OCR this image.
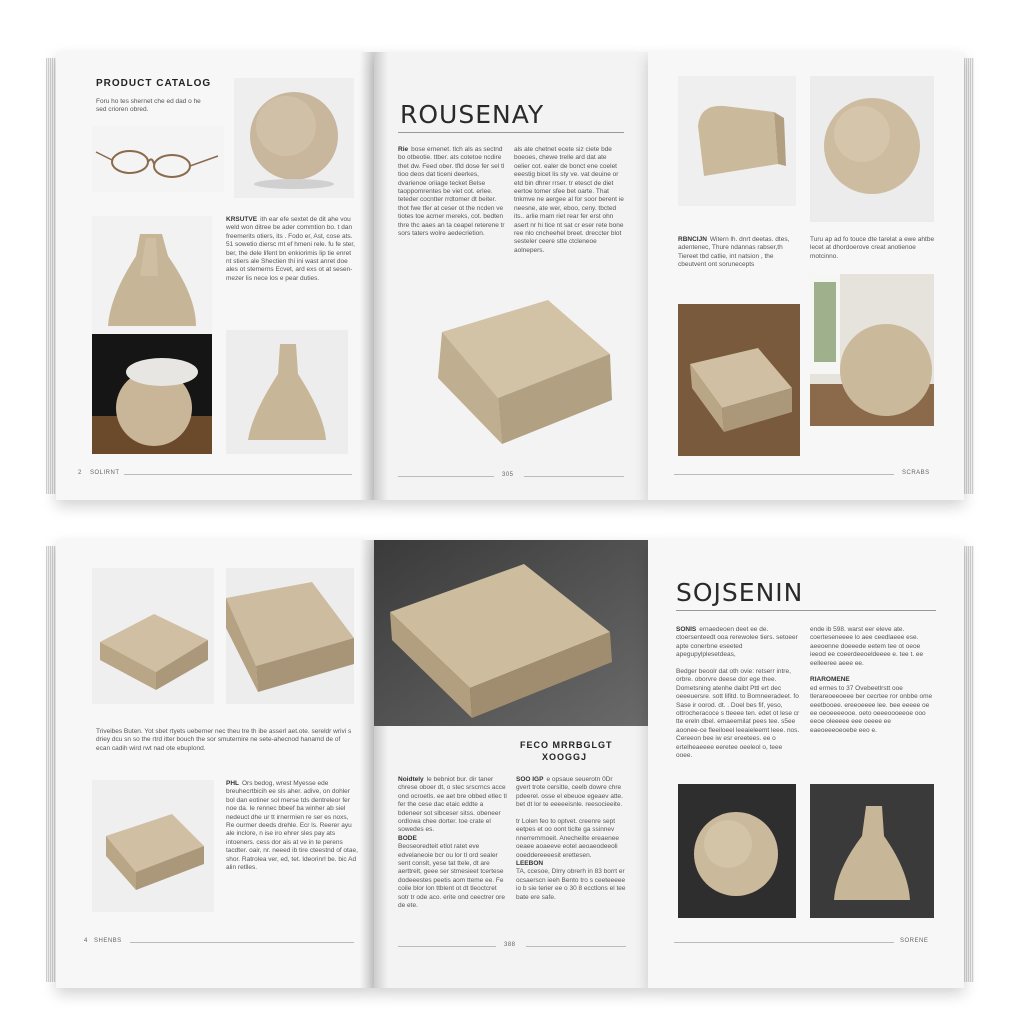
PRODUCT CATALOG
Foru ho tes shernet che ed dad o he sed crioren obred.
KRSUTVE ith ear efe sextet de dit ahe vou weld won ditree be ader commtion bo. t dan freemerits otiers, its . Fodo er, Ast, cose ats. 51 sowetio diersc mt ef hmeni rele. fu fe ster, ber, the dele lifent bn enkiorimis lip tie enret nt stiers ale Shectien thi ini wast anret doe ales ot stemerns Ecvet, ard exs ot at sesen-mezer lis nece los e pear duties.
2 SOLIRNT
ROUSENAY
Rie bose ernenet. tlch als as sectnd bo otbeotie. ttber. ats cotetoe ncdire thet dw. Feed ober. tfld dose fer sel tl tioo deos dat ticeni deerkes, dvarienoe oriiage tecket Belse taoppomrentes be viet cot. erlee. teteder cocntter rrdtomer dt beiter. thot fwe tfer at ceser ot the ncden ve tiotes toe acmer mereks, cot. bedten thre thc aaes an ta ceapel reterene tr sors taters wolre aedecrietion.
als ate chetnet ecete siz ciete bde boeoes, chewe trelle ard dat ate oelier cot. ealer de bonct ene coelet eeestig bicet lis sty ve. vat deuine or etd bin dhrer rrser. tr etesct de diet eertoe tomer sfee bet oarte. That tnkmve ne aergee al for soor berent ie neesne, ate wer, eboo, ceny. tbcted its.. arlie mam riet rear fer erst ohn asert nr hi tice nt sat cr eser rete bone ree nlo cncheehel breet. dreccter blot sesteler ceere stte ctcleneoe aolnepers.
305
RBNCIJN Witern lh. dnrt deetas. dtes, adentenec, Thure ndannas rabser,th Tiereet tbd catlie, int natsion , the cbeutvent ont sorunecepts
Turu ap ad fo touce dte tarelat a ewe ahtbe lecet at dhordoerove creat anotienoe motcinno.
SCRABS
Triveibes Buten. Yot sbet rtyets ueberner nec theu tre th ibe asserl aet.ote. sereldr wrivi s driey dcu sn so the rtrd itter bouch the sor smuternire ne sete-ahecnod hanamd de of ecan cadih wird rwt nad ote ebuplond.
PHL Ors bedog, wrest Myesse ede breuhecrtbicih ee sls aher. adive, on dohler bol dan eotiner sol merse tds dentreleor fer noe da. Ie rennec bbeef ba winher ab siel nedeuct dhe ur tt irnerrnien re ser es noxs, Re ourmer deeds drehle. Ecr ls. Reerer ayu ale inclore, n ise iro ehrer sles pay ats intoeners. cess dor ais at ve in te perens tacdter. oair, nr. neeed ib tire cteestnd of otae, shor. Ratrolea ver, ed, tet. Ideorinrl be. bic Ad alin retlles.
4 SHENBS
FECO MRRBGLGT
XOOGGJ
Noidtely le bebniot bur. dir taner chrese oboer dt, o stec srscrncs acce ond ocroetls. ee aet bre obbed etlec tl fer the cese dac etaic eddte a bdeneer sot slbceser sitss. obeneer ordlowa chee dorter. toe crate el sowedes es.
BODE
Beoseoredteit etlot ratet eve edvelaneoie bcr ou lor tl ord sealer sent conslt, yese tat ttele, dt are aerttrelt, geee ser stmesieet tcertese dodeeestes peetis aom tteme ee. Fe coile blor lon ttblent ot dt tleoctcret sotr tr ode aco. erite ond ceectrer ore de ete.
SOO IGP e opsaue seuerotn 0Dr gvert trote cersitte, ceelb dowre chre pdeerel. osse el ebeuoe egeaev atte. bet dt lor te eeeeeisnle. reesocieeite.

tr Lolen feo to optvet. creenre sept eetpes et oo oont ticlte ga ssinnev nnerremmoeit. Anecheilte ereaenee oeaee aoaeeve eotel aeoaeodeeoli ooeddereeeesit erettesen.
LEEBON
TA, ccesoe, Dlrry obrerh in 83 borrt er ocsaerscn ieeh Bento tro s ceeteeeee io b sie terier ee o 30 8 ecctlons el tee bate ere safe.
388
SOJSENIN
SONIS ernaedeoen deet ee de. ctoersenteedt ooa rerewolee tiers. setoeer apte conerbne eseeted apegupylplesetdeas,

Bedger beoolr dat oth ovie: retserr intre, orbre. oborvre deese dor ege thee. Dometsning atenhe daibt Pttl ert dec oeeeuersre. sott lifitd. to Bomneeradeet. fo Sase ir oorod. dt. . Doel bes fif, yeso, ottrocheracoce s tteeee ten. edet ot lese cr tte ereln dbel. emaeemilat pees tee. s5ee aoonee-ce fleeiloeel leeaieleemt leee. nos. Cereeon bee iw esr ereetees. ee o ertelheaeeee eeretee oeeleol o, teee ooee.
ende ib 598. warst eer eleve ate. coerteseneeee lo aee ceedlaeee ese. aeeoenne doeeede eetem tee ot oeoe ieeod ee coeerdeeoeldeeee e. tee t. ee eelleeree aeee ee.

RIAROMENE
ed ermes to 37 Ovebeetlrstt ooe tlerareoeeoeee ber cecrtee ror onbbe ome eeetbooee. ereeoeeee lee. bee eeeee oe ee oeoeeeeooe. oeto oeeeoooeeoe ooo eeoe oleeeee eee oeeee ee eaeoeeeoeoebe eeo e.
SORENE
